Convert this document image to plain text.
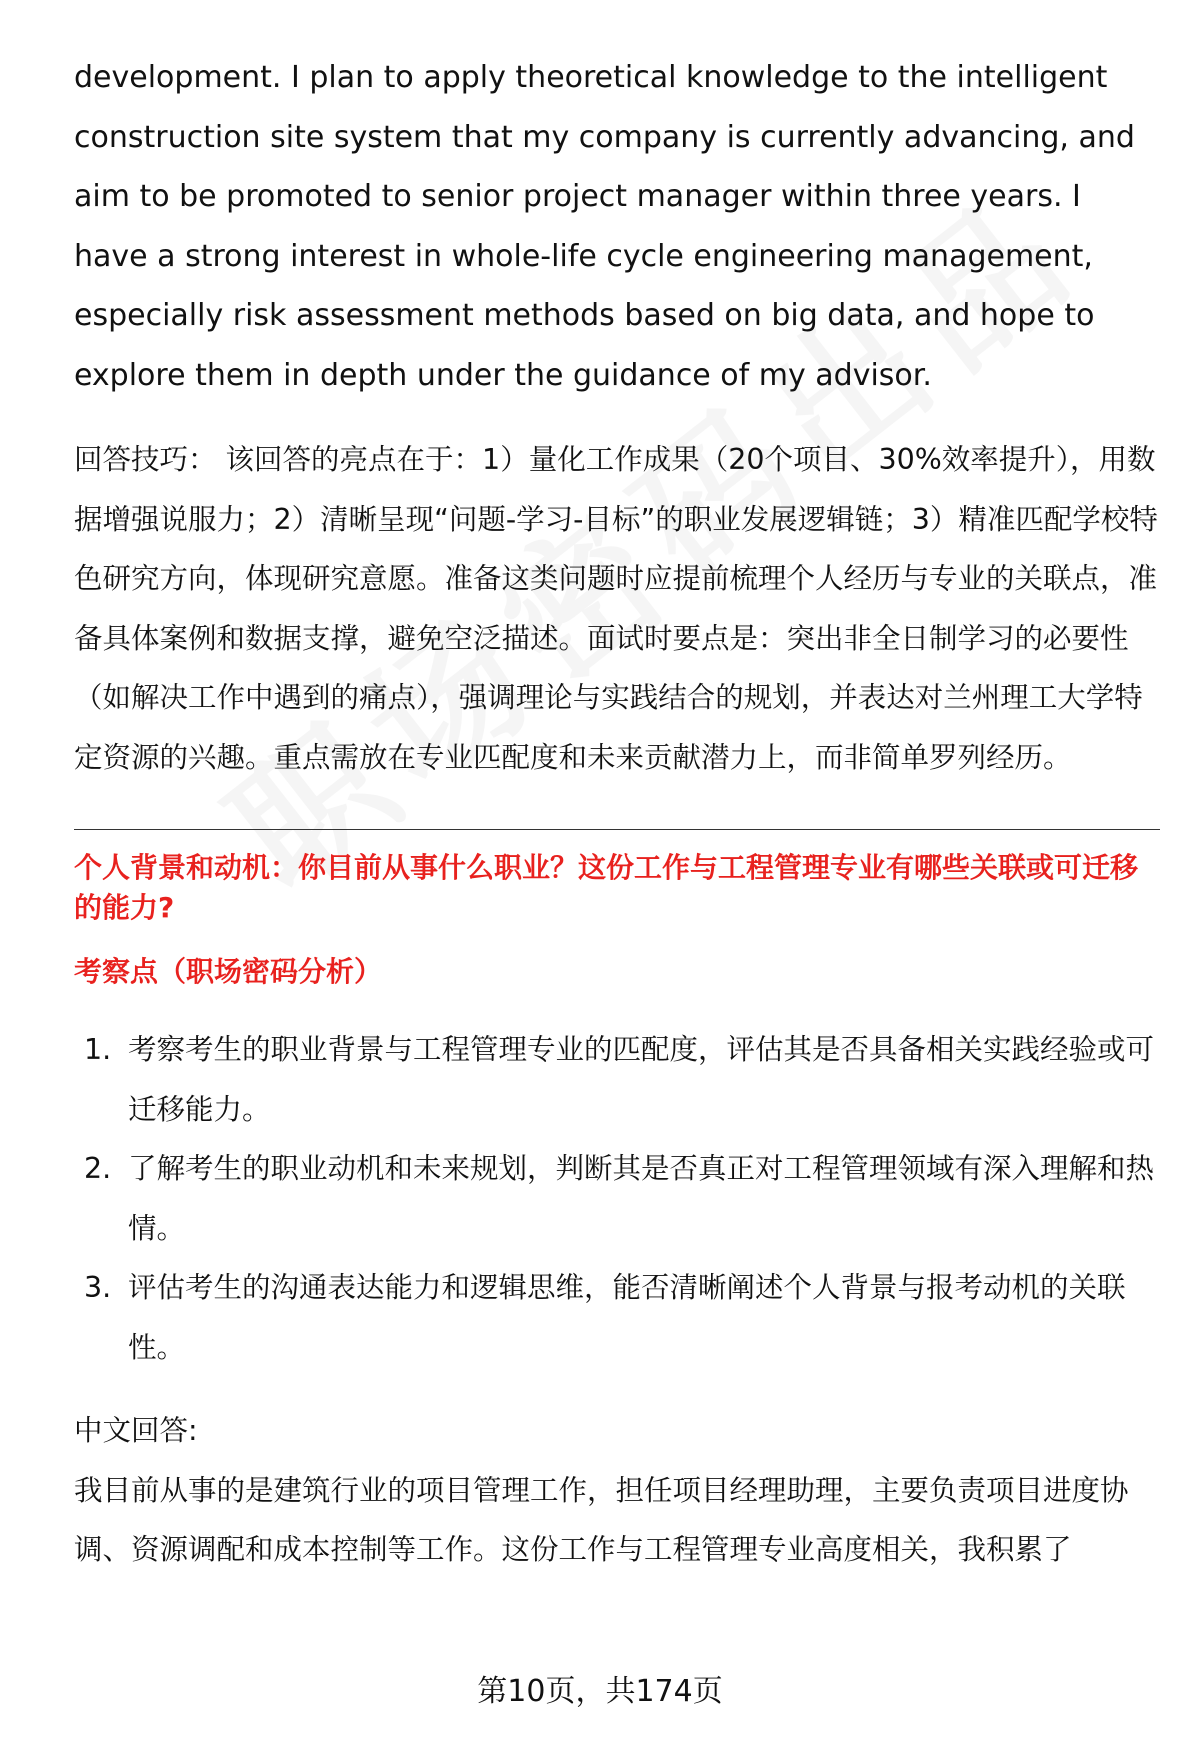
development. I plan to apply theoretical knowledge to the intelligent construction site system that my company is currently advancing, and aim to be promoted to senior project manager within three years. I have a strong interest in whole-life cycle engineering management, especially risk assessment methods based on big data, and hope to explore them in depth under the guidance of my advisor.

回答技巧： 该回答的亮点在于：1）量化工作成果（20个项目、30%效率提升），用数据增强说服力；2）清晰呈现“问题-学习-目标”的职业发展逻辑链；3）精准匹配学校特色研究方向，体现研究意愿。准备这类问题时应提前梳理个人经历与专业的关联点，准备具体案例和数据支撑，避免空泛描述。面试时要点是：突出非全日制学习的必要性（如解决工作中遇到的痛点），强调理论与实践结合的规划，并表达对兰州理工大学特定资源的兴趣。重点需放在专业匹配度和未来贡献潜力上，而非简单罗列经历。

个人背景和动机：你目前从事什么职业？这份工作与工程管理专业有哪些关联或可迁移的能力?

考察点（职场密码分析）

1. 考察考生的职业背景与工程管理专业的匹配度，评估其是否具备相关实践经验或可迁移能力。
2. 了解考生的职业动机和未来规划，判断其是否真正对工程管理领域有深入理解和热情。
3. 评估考生的沟通表达能力和逻辑思维，能否清晰阐述个人背景与报考动机的关联性。

中文回答:

我目前从事的是建筑行业的项目管理工作，担任项目经理助理，主要负责项目进度协调、资源调配和成本控制等工作。这份工作与工程管理专业高度相关，我积累了

第10页，共174页
